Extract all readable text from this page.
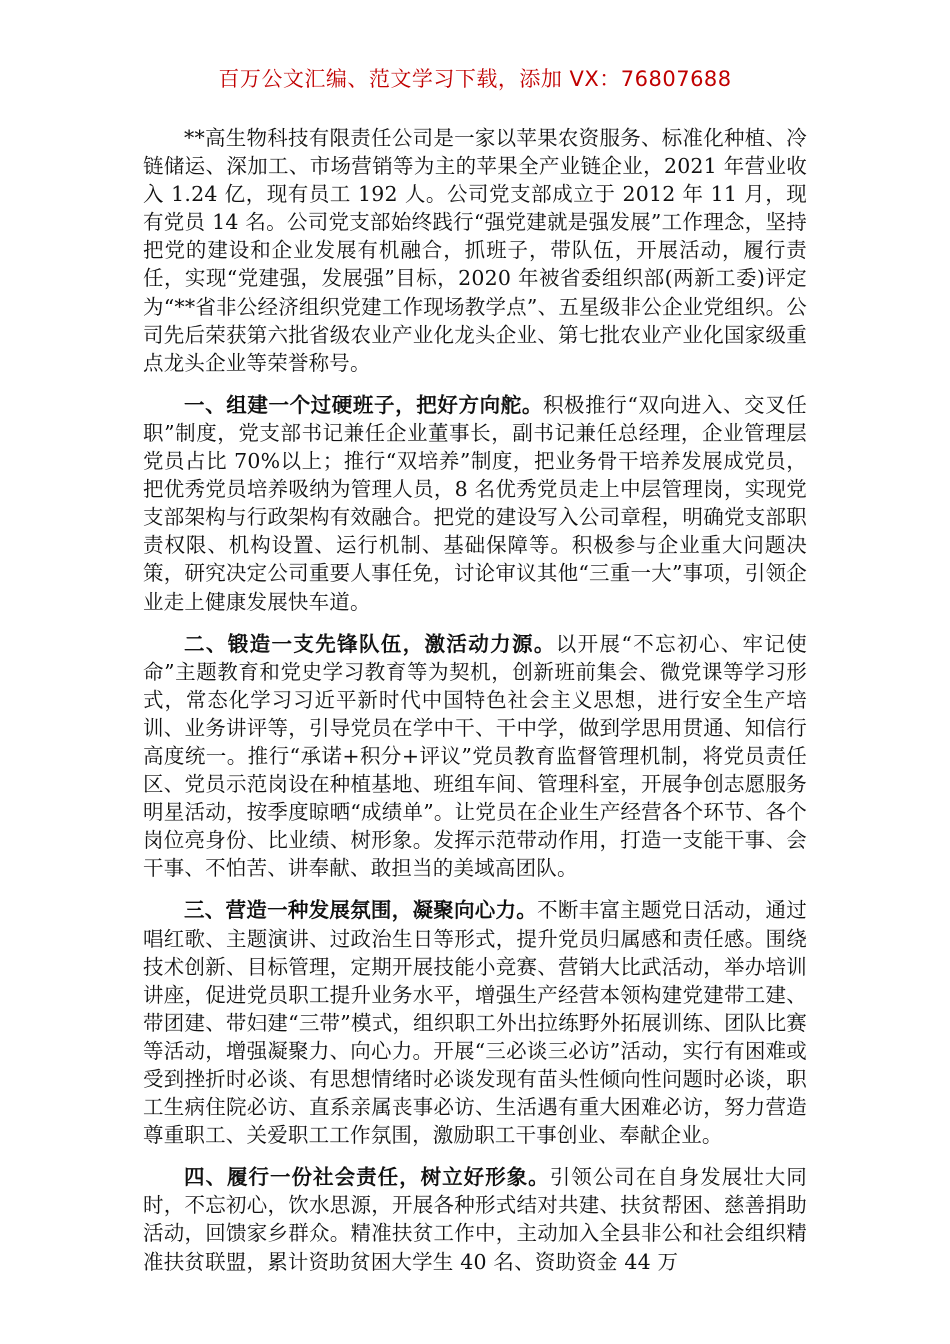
百万公文汇编、范文学习下载，添加 VX：76807688

**高生物科技有限责任公司是一家以苹果农资服务、标准化种植、冷链储运、深加工、市场营销等为主的苹果全产业链企业，2021 年营业收入 1.24 亿，现有员工 192 人。公司党支部成立于 2012 年 11 月，现有党员 14 名。公司党支部始终践行“强党建就是强发展”工作理念，坚持把党的建设和企业发展有机融合，抓班子，带队伍，开展活动，履行责任，实现“党建强，发展强”目标，2020 年被省委组织部(两新工委)评定为“**省非公经济组织党建工作现场教学点”、五星级非公企业党组织。公司先后荣获第六批省级农业产业化龙头企业、第七批农业产业化国家级重点龙头企业等荣誉称号。

一、组建一个过硬班子，把好方向舵。积极推行“双向进入、交叉任职”制度，党支部书记兼任企业董事长，副书记兼任总经理，企业管理层党员占比 70%以上；推行“双培养”制度，把业务骨干培养发展成党员，把优秀党员培养吸纳为管理人员，8 名优秀党员走上中层管理岗，实现党支部架构与行政架构有效融合。把党的建设写入公司章程，明确党支部职责权限、机构设置、运行机制、基础保障等。积极参与企业重大问题决策，研究决定公司重要人事任免，讨论审议其他“三重一大”事项，引领企业走上健康发展快车道。

二、锻造一支先锋队伍，激活动力源。以开展“不忘初心、牢记使命”主题教育和党史学习教育等为契机，创新班前集会、微党课等学习形式，常态化学习习近平新时代中国特色社会主义思想，进行安全生产培训、业务讲评等，引导党员在学中干、干中学，做到学思用贯通、知信行高度统一。推行“承诺+积分+评议”党员教育监督管理机制，将党员责任区、党员示范岗设在种植基地、班组车间、管理科室，开展争创志愿服务明星活动，按季度晾晒“成绩单”。让党员在企业生产经营各个环节、各个岗位亮身份、比业绩、树形象。发挥示范带动作用，打造一支能干事、会干事、不怕苦、讲奉献、敢担当的美域高团队。

三、营造一种发展氛围，凝聚向心力。不断丰富主题党日活动，通过唱红歌、主题演讲、过政治生日等形式，提升党员归属感和责任感。围绕技术创新、目标管理，定期开展技能小竞赛、营销大比武活动，举办培训讲座，促进党员职工提升业务水平，增强生产经营本领构建党建带工建、带团建、带妇建“三带”模式，组织职工外出拉练野外拓展训练、团队比赛等活动，增强凝聚力、向心力。开展“三必谈三必访”活动，实行有困难或受到挫折时必谈、有思想情绪时必谈发现有苗头性倾向性问题时必谈，职工生病住院必访、直系亲属丧事必访、生活遇有重大困难必访，努力营造尊重职工、关爱职工工作氛围，激励职工干事创业、奉献企业。

四、履行一份社会责任，树立好形象。引领公司在自身发展壮大同时，不忘初心，饮水思源，开展各种形式结对共建、扶贫帮困、慈善捐助活动，回馈家乡群众。精准扶贫工作中，主动加入全县非公和社会组织精准扶贫联盟，累计资助贫困大学生 40 名、资助资金 44 万
